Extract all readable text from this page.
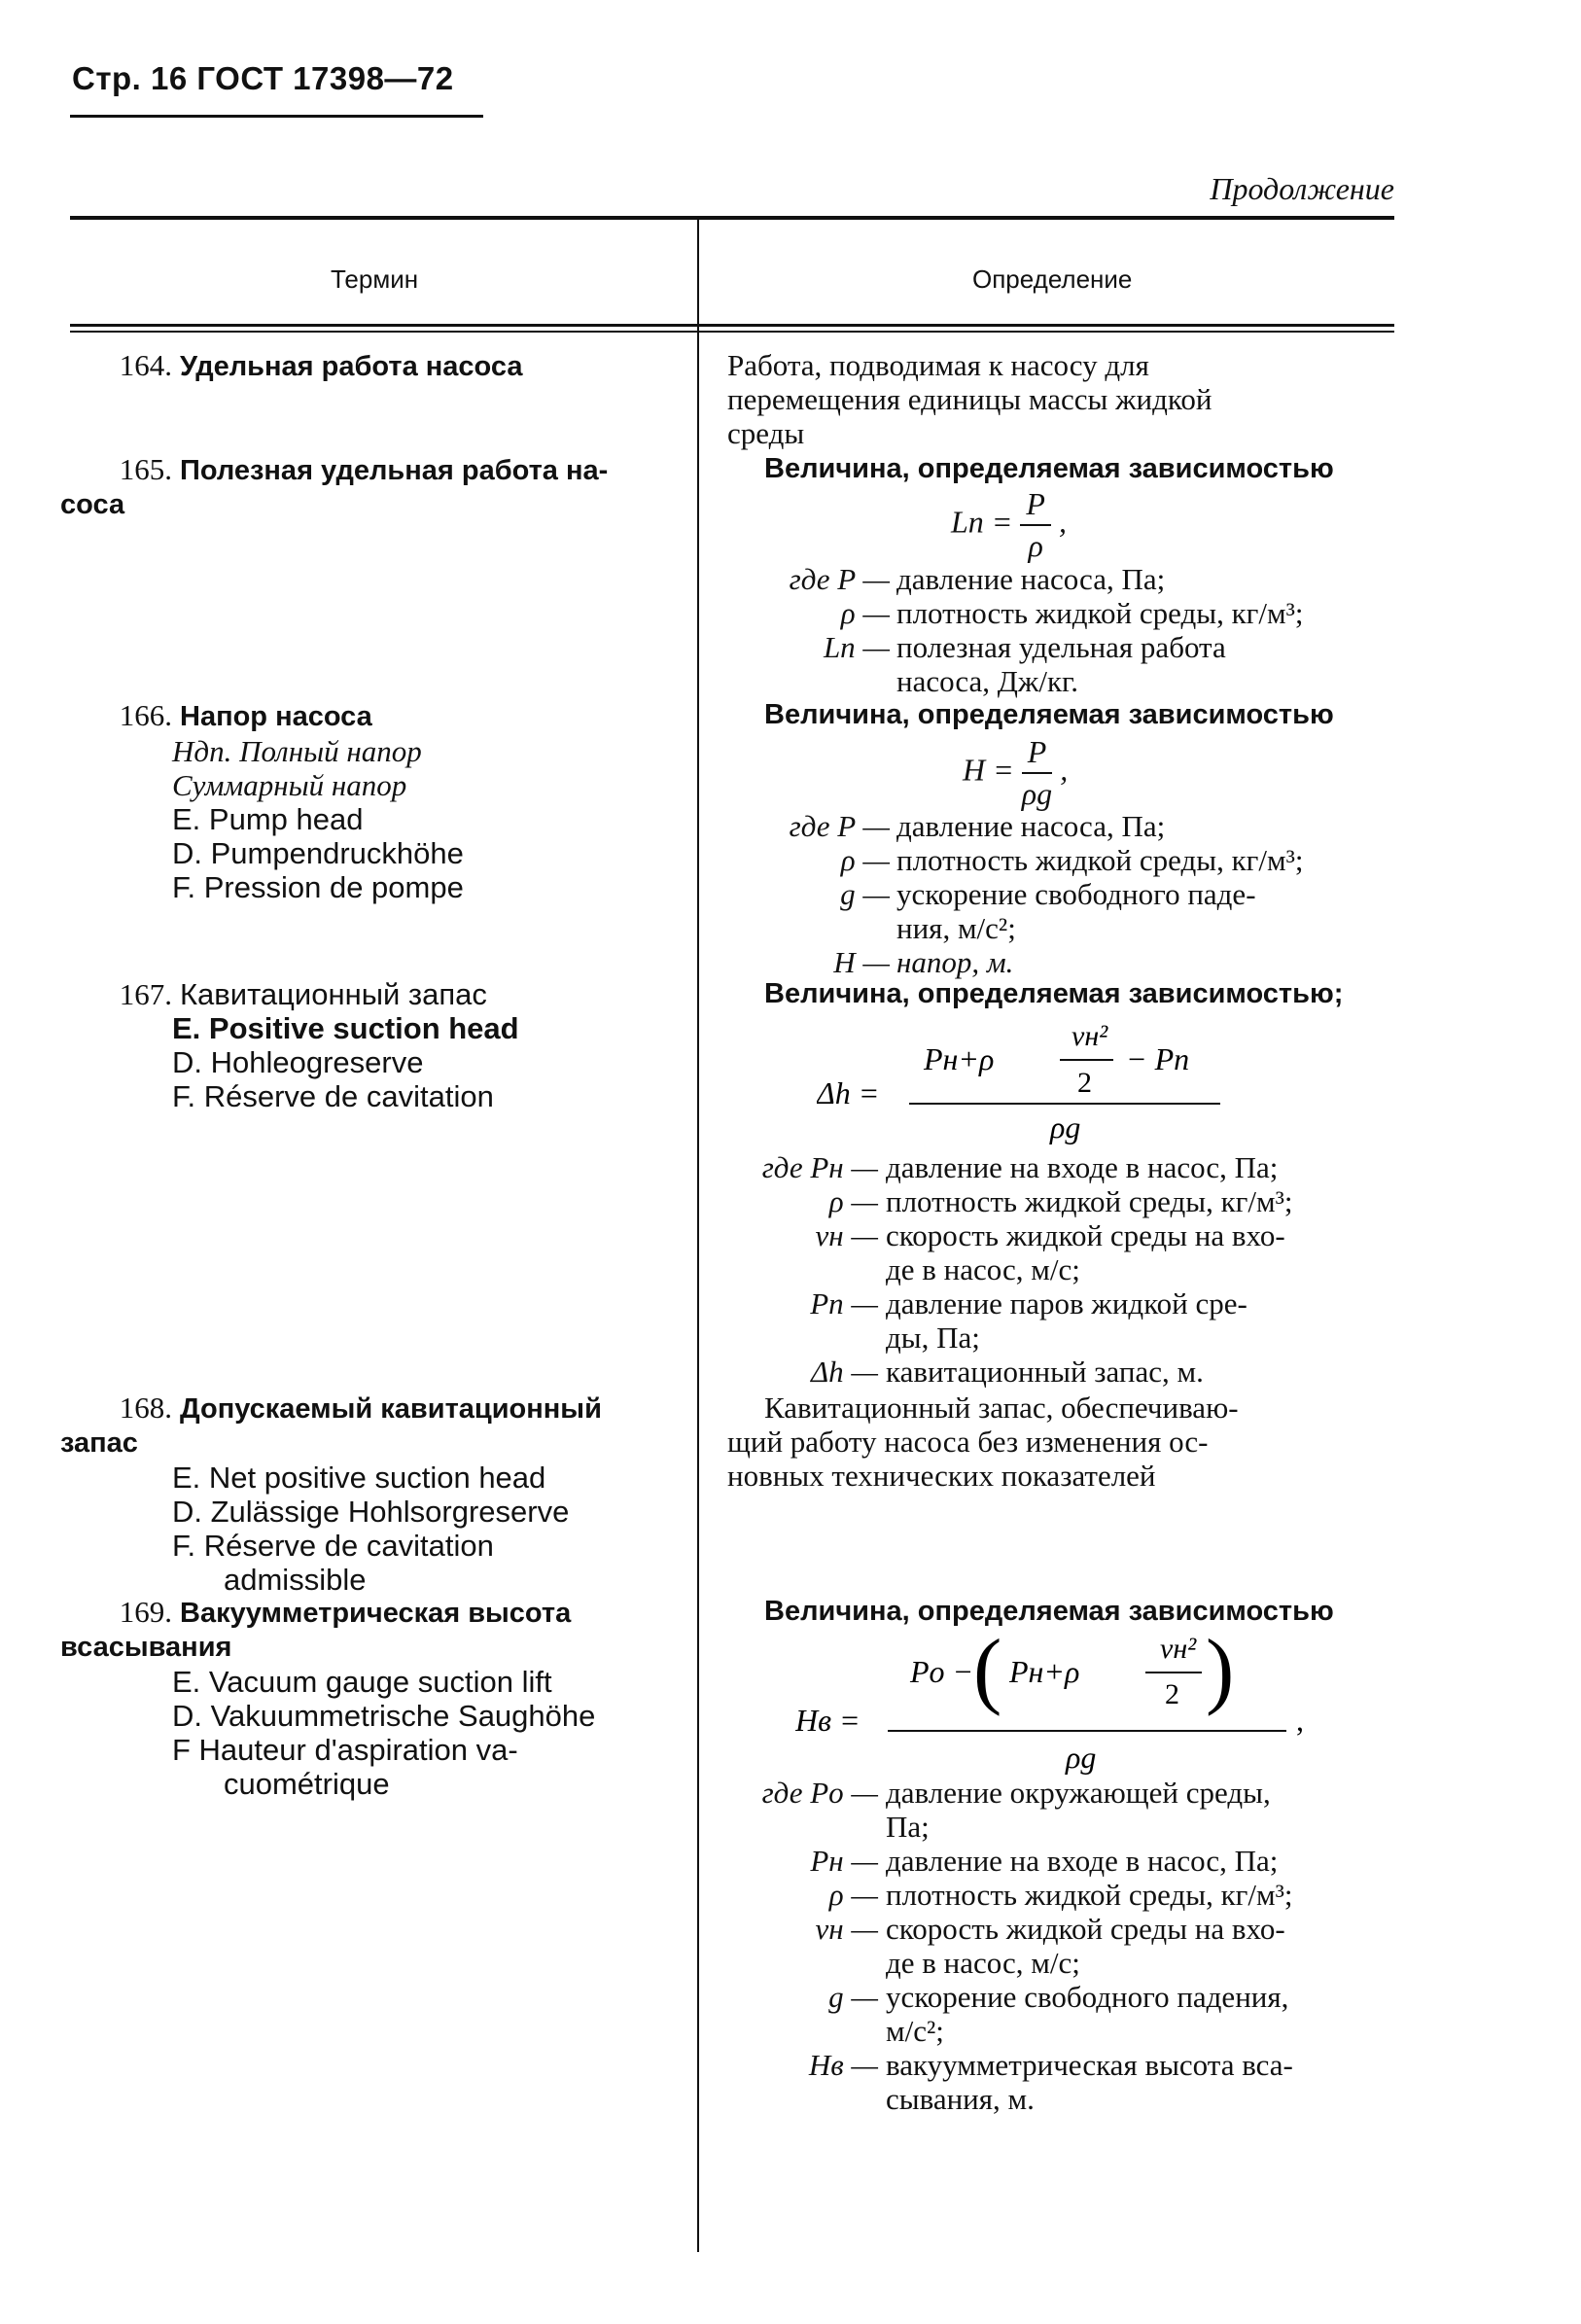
Стр. 16 ГОСТ 17398—72
Продолжение
Термин	Определение
164. Удельная работа насоса	Работа, подводимая к насосу для
перемещения единицы массы жидкой
среды
165. Полезная удельная работа на-
соса
Величина, определяемая зависимостью
Lп = $\frac{P}{\rho}$ ,
где P — давление насоса, Па;
ρ — плотность жидкой среды, кг/м³;
Lп — полезная удельная работа
насоса, Дж/кг.
166. Напор насоса
Ндп. Полный напор
Суммарный напор
E. Pump head
D. Pumpendruckhöhe
F. Pression de pompe
Величина, определяемая зависимостью
$H = \frac{P}{\rho g}$ ,
где P — давление насоса, Па;
ρ — плотность жидкой среды, кг/м³;
g — ускорение свободного паде-
ния, м/с²;
H — напор, м.
167. Кавитационный запас
E. Positive suction head
D. Hohleogreserve
F. Réserve de cavitation
Величина, определяемая зависимостью;
Δh =
Pн+ρ
vн²
2
− Pп
ρg
где Pн — давление на входе в насос, Па;
ρ — плотность жидкой среды, кг/м³;
vн — скорость жидкой среды на вхо-
де в насос, м/с;
Pп — давление паров жидкой сре-
ды, Па;
Δh — кавитационный запас, м.
168. Допускаемый кавитационный
запас
E. Net positive suction head
D. Zulässige Hohlsorgreserve
F. Réserve de cavitation
admissible
Кавитационный запас, обеспечиваю-
щий работу насоса без изменения ос-
новных технических показателей
169. Вакуумметрическая высота
всасывания
E. Vacuum gauge suction lift
D. Vakuummetrische Saughöhe
F Hauteur d'aspiration va-
cuométrique
Величина, определяемая зависимостью
Hв =
Pо − ( Pн+ρ
vн²
2 )
,
ρg
где Pо — давление окружающей среды,
Па;
Pн — давление на входе в насос, Па;
ρ — плотность жидкой среды, кг/м³;
vн — скорость жидкой среды на вхо-
де в насос, м/с;
g — ускорение свободного падения,
м/с²;
Hв — вакуумметрическая высота вса-
сывания, м.
